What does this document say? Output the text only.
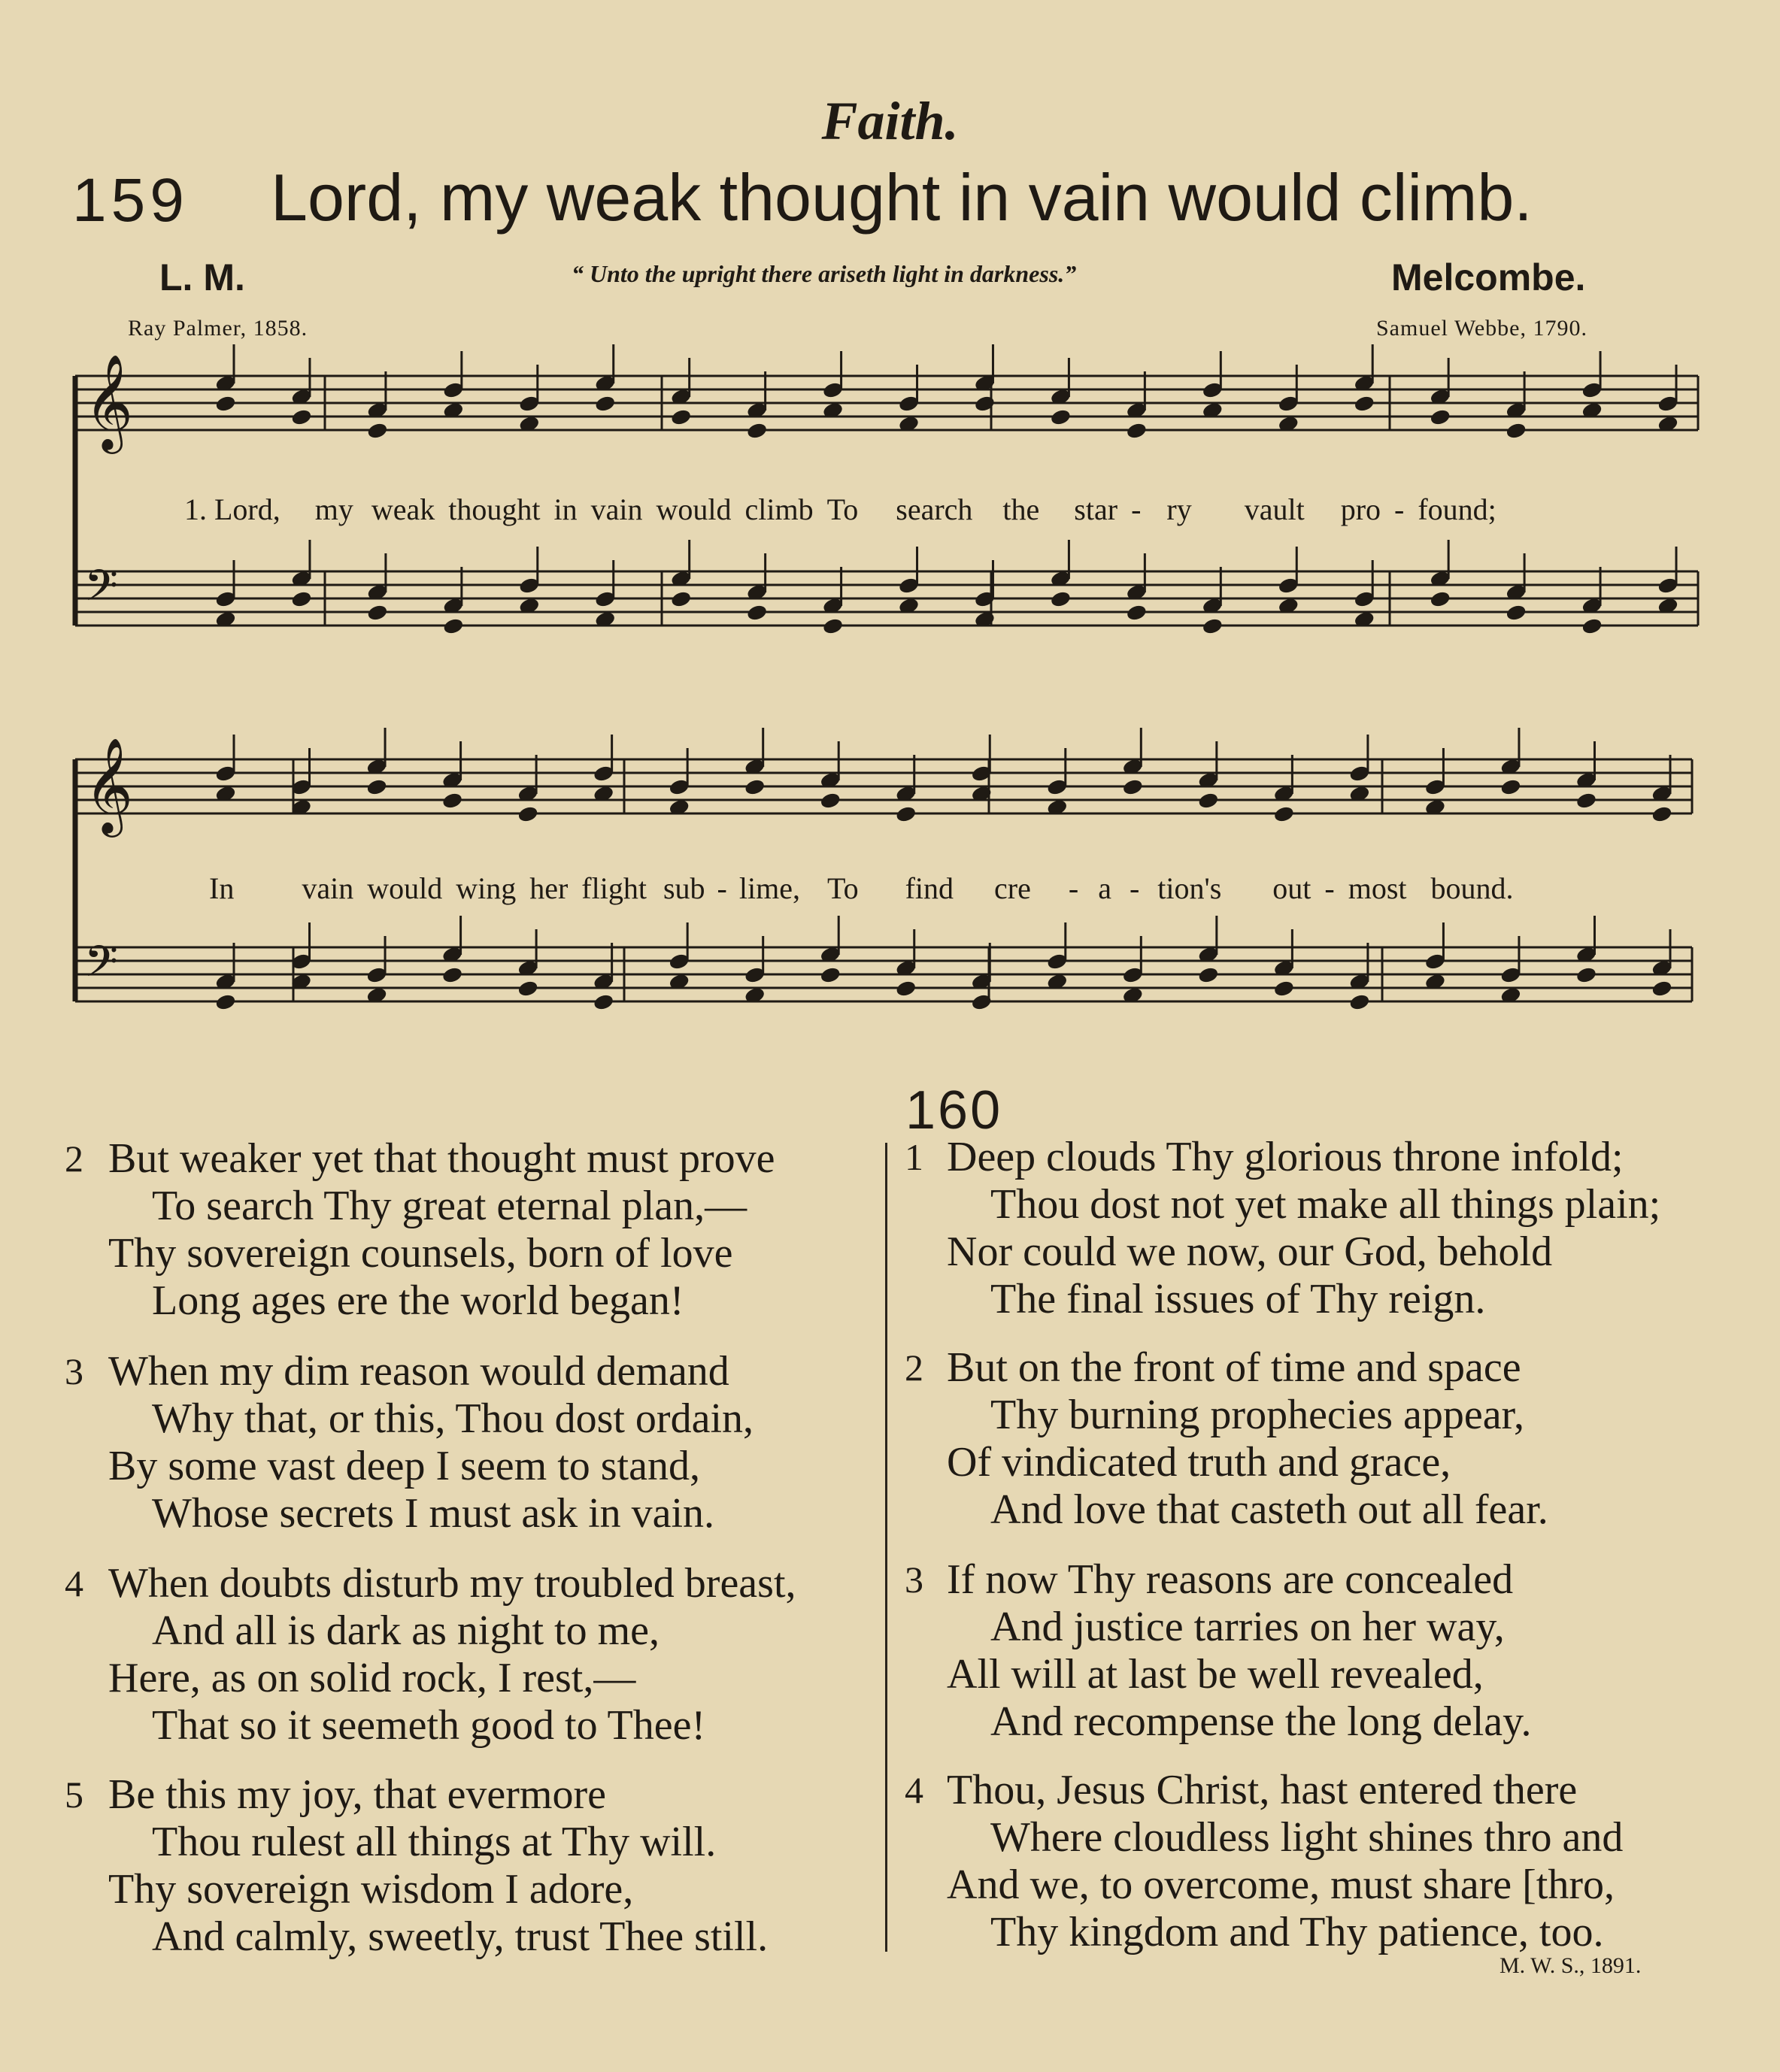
Faith.
159 Lord, my weak thought in vain would climb.
L. M.	“ Unto the upright there ariseth light in darkness.”	Melcombe.
Ray Palmer, 1858.	Samuel Webbe, 1790.
𝄞
𝄢
𝄞
𝄢
1. Lord, my weak thought in vain would climb To search the star - ry vault pro - found;
In vain would wing her flight sub - lime, To find cre - a - tion's out - most bound.
160
2 But weaker yet that thought must prove
To search Thy great eternal plan,—
Thy sovereign counsels, born of love
Long ages ere the world began!
3 When my dim reason would demand
Why that, or this, Thou dost ordain,
By some vast deep I seem to stand,
Whose secrets I must ask in vain.
4 When doubts disturb my troubled breast,
And all is dark as night to me,
Here, as on solid rock, I rest,—
That so it seemeth good to Thee!
5 Be this my joy, that evermore
Thou rulest all things at Thy will.
Thy sovereign wisdom I adore,
And calmly, sweetly, trust Thee still.
1 Deep clouds Thy glorious throne infold;
Thou dost not yet make all things plain;
Nor could we now, our God, behold
The final issues of Thy reign.
2 But on the front of time and space
Thy burning prophecies appear,
Of vindicated truth and grace,
And love that casteth out all fear.
3 If now Thy reasons are concealed
And justice tarries on her way,
All will at last be well revealed,
And recompense the long delay.
4 Thou, Jesus Christ, hast entered there
Where cloudless light shines thro and
And we, to overcome, must share [thro,
Thy kingdom and Thy patience, too.
M. W. S., 1891.
